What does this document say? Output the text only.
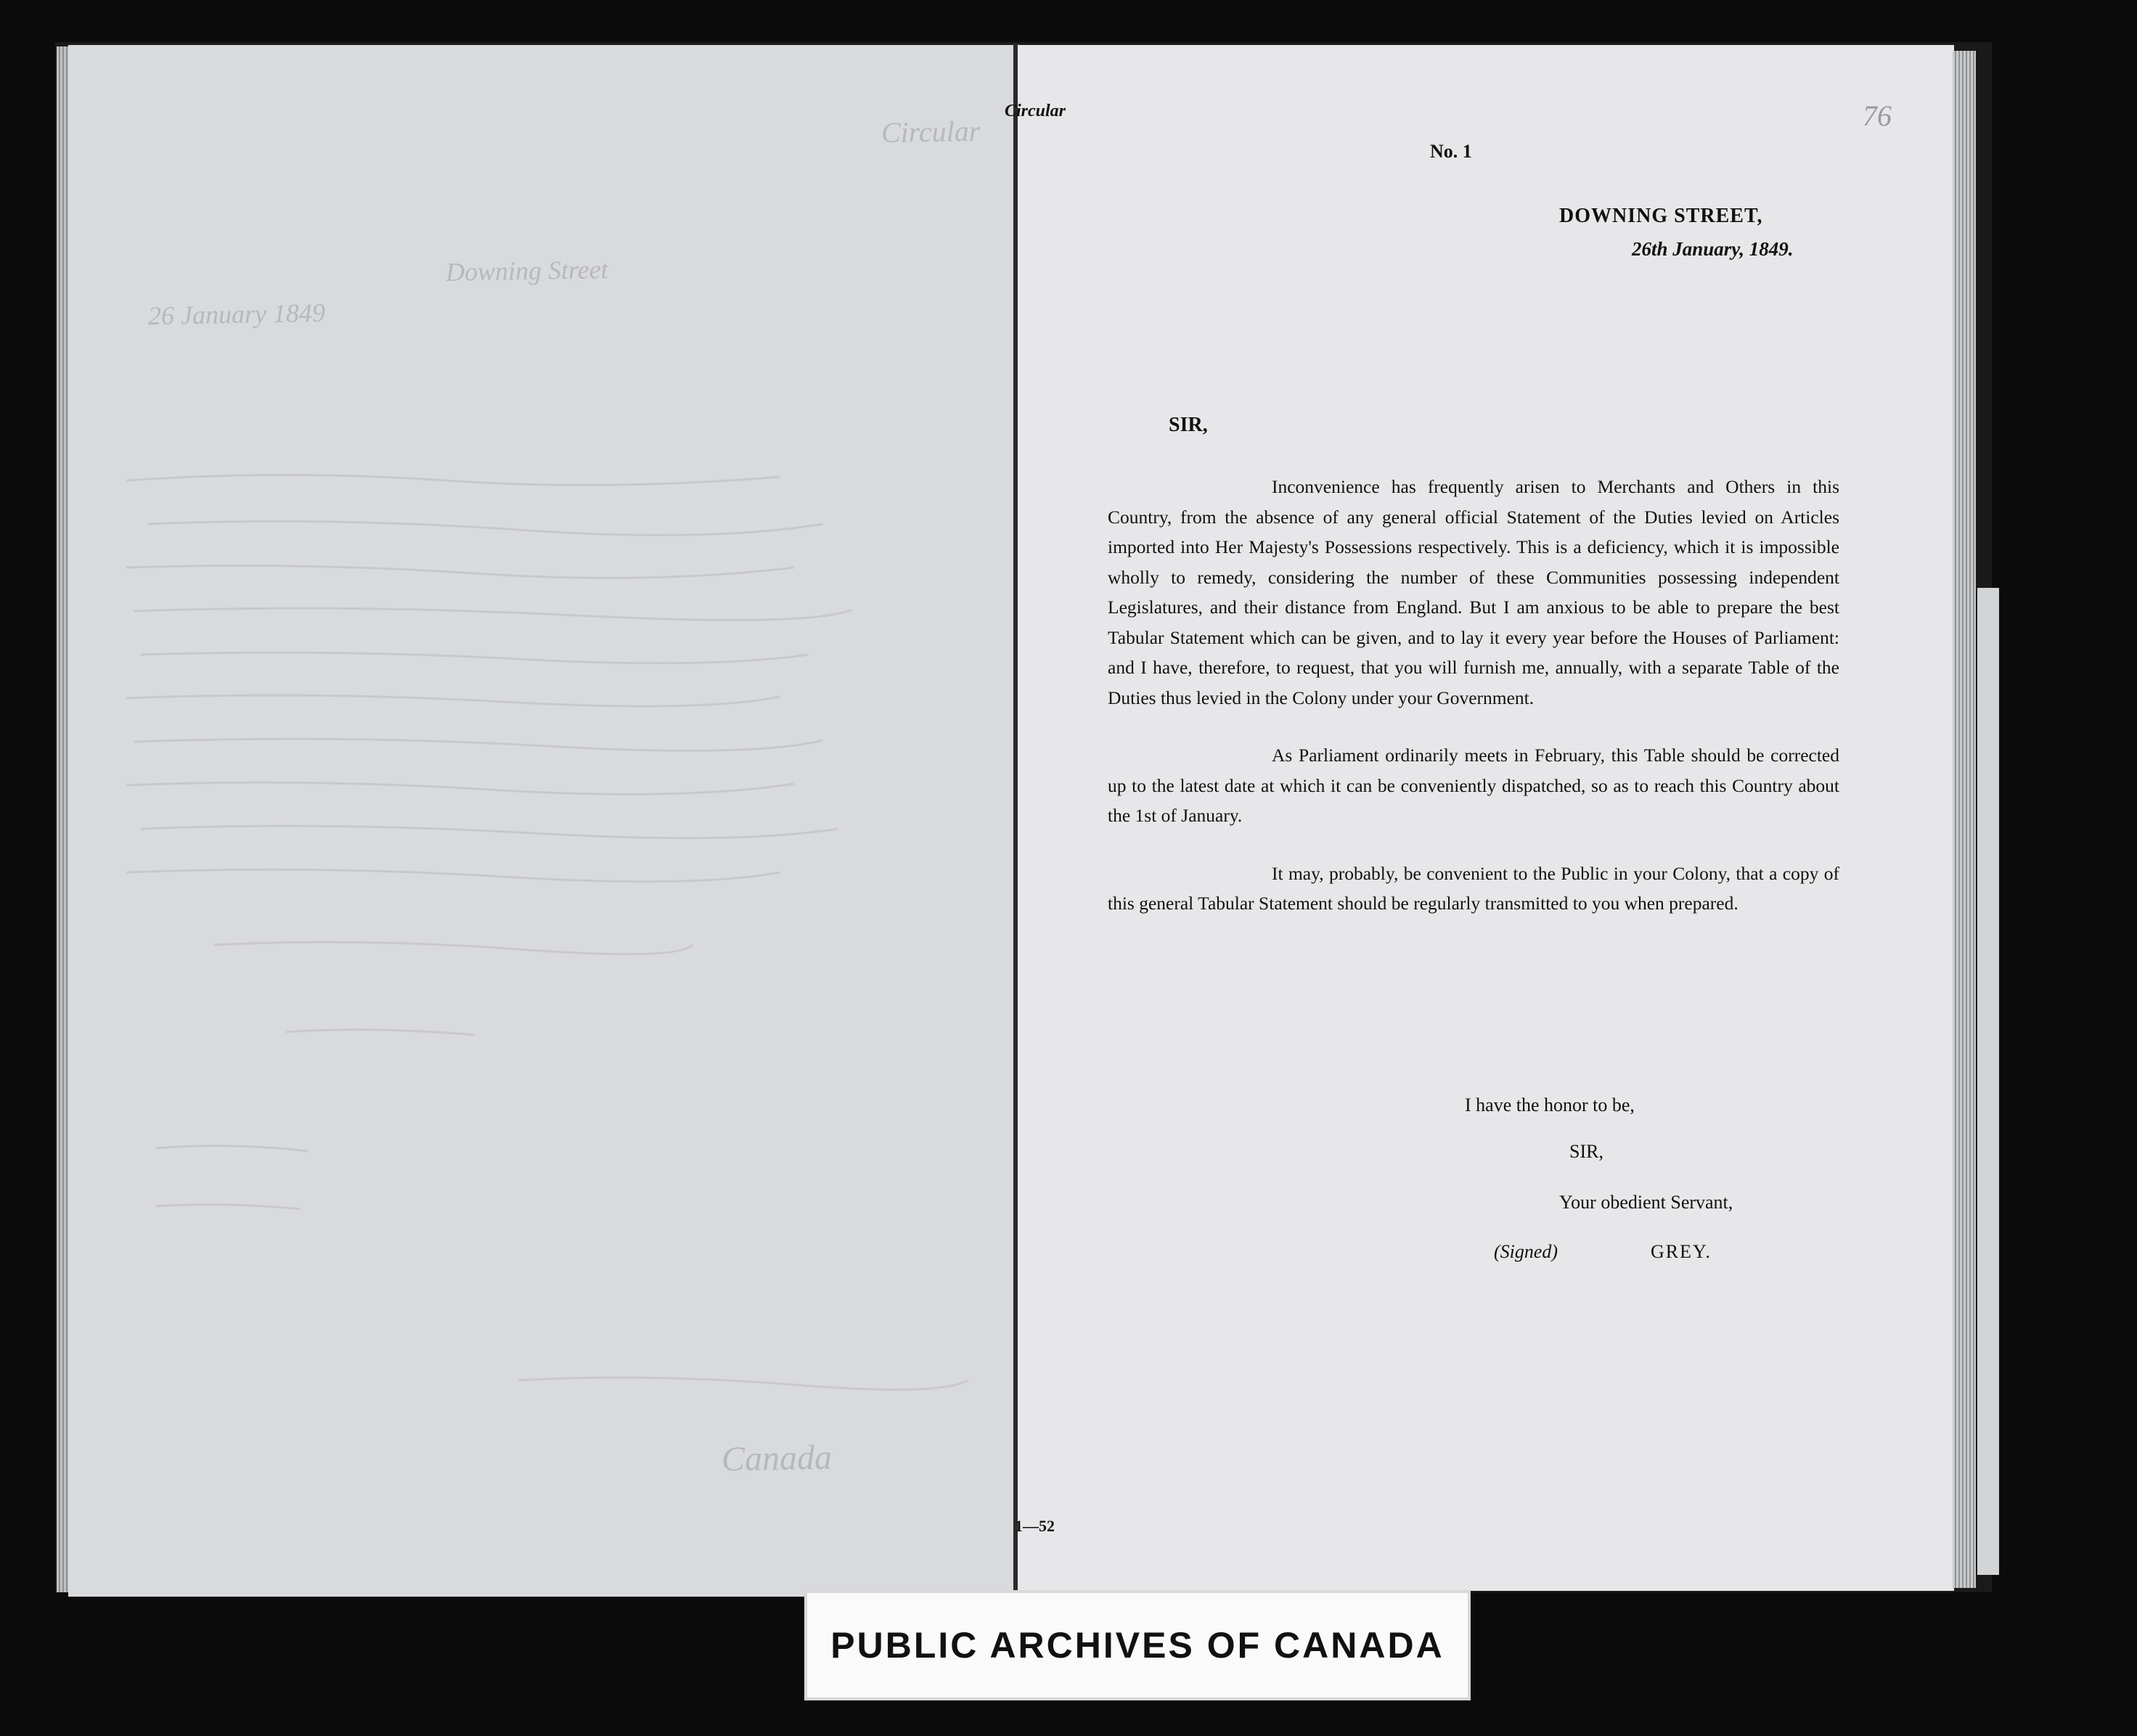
Circular
Downing Street
26 January 1849
Canada
Circular	76
No. 1
DOWNING STREET,
26th January, 1849.
SIR,

Inconvenience has frequently arisen to Merchants and Others in this Country, from the absence of any general official Statement of the Duties levied on Articles imported into Her Majesty's Possessions respectively. This is a deficiency, which it is impossible wholly to remedy, considering the number of these Communities possessing independent Legislatures, and their distance from England. But I am anxious to be able to prepare the best Tabular Statement which can be given, and to lay it every year before the Houses of Parliament: and I have, therefore, to request, that you will furnish me, annually, with a separate Table of the Duties thus levied in the Colony under your Government.

As Parliament ordinarily meets in February, this Table should be corrected up to the latest date at which it can be conveniently dispatched, so as to reach this Country about the 1st of January.

It may, probably, be convenient to the Public in your Colony, that a copy of this general Tabular Statement should be regularly transmitted to you when prepared.

I have the honor to be,
SIR,
Your obedient Servant,
(Signed)	GREY.
1—52
PUBLIC ARCHIVES OF CANADA
